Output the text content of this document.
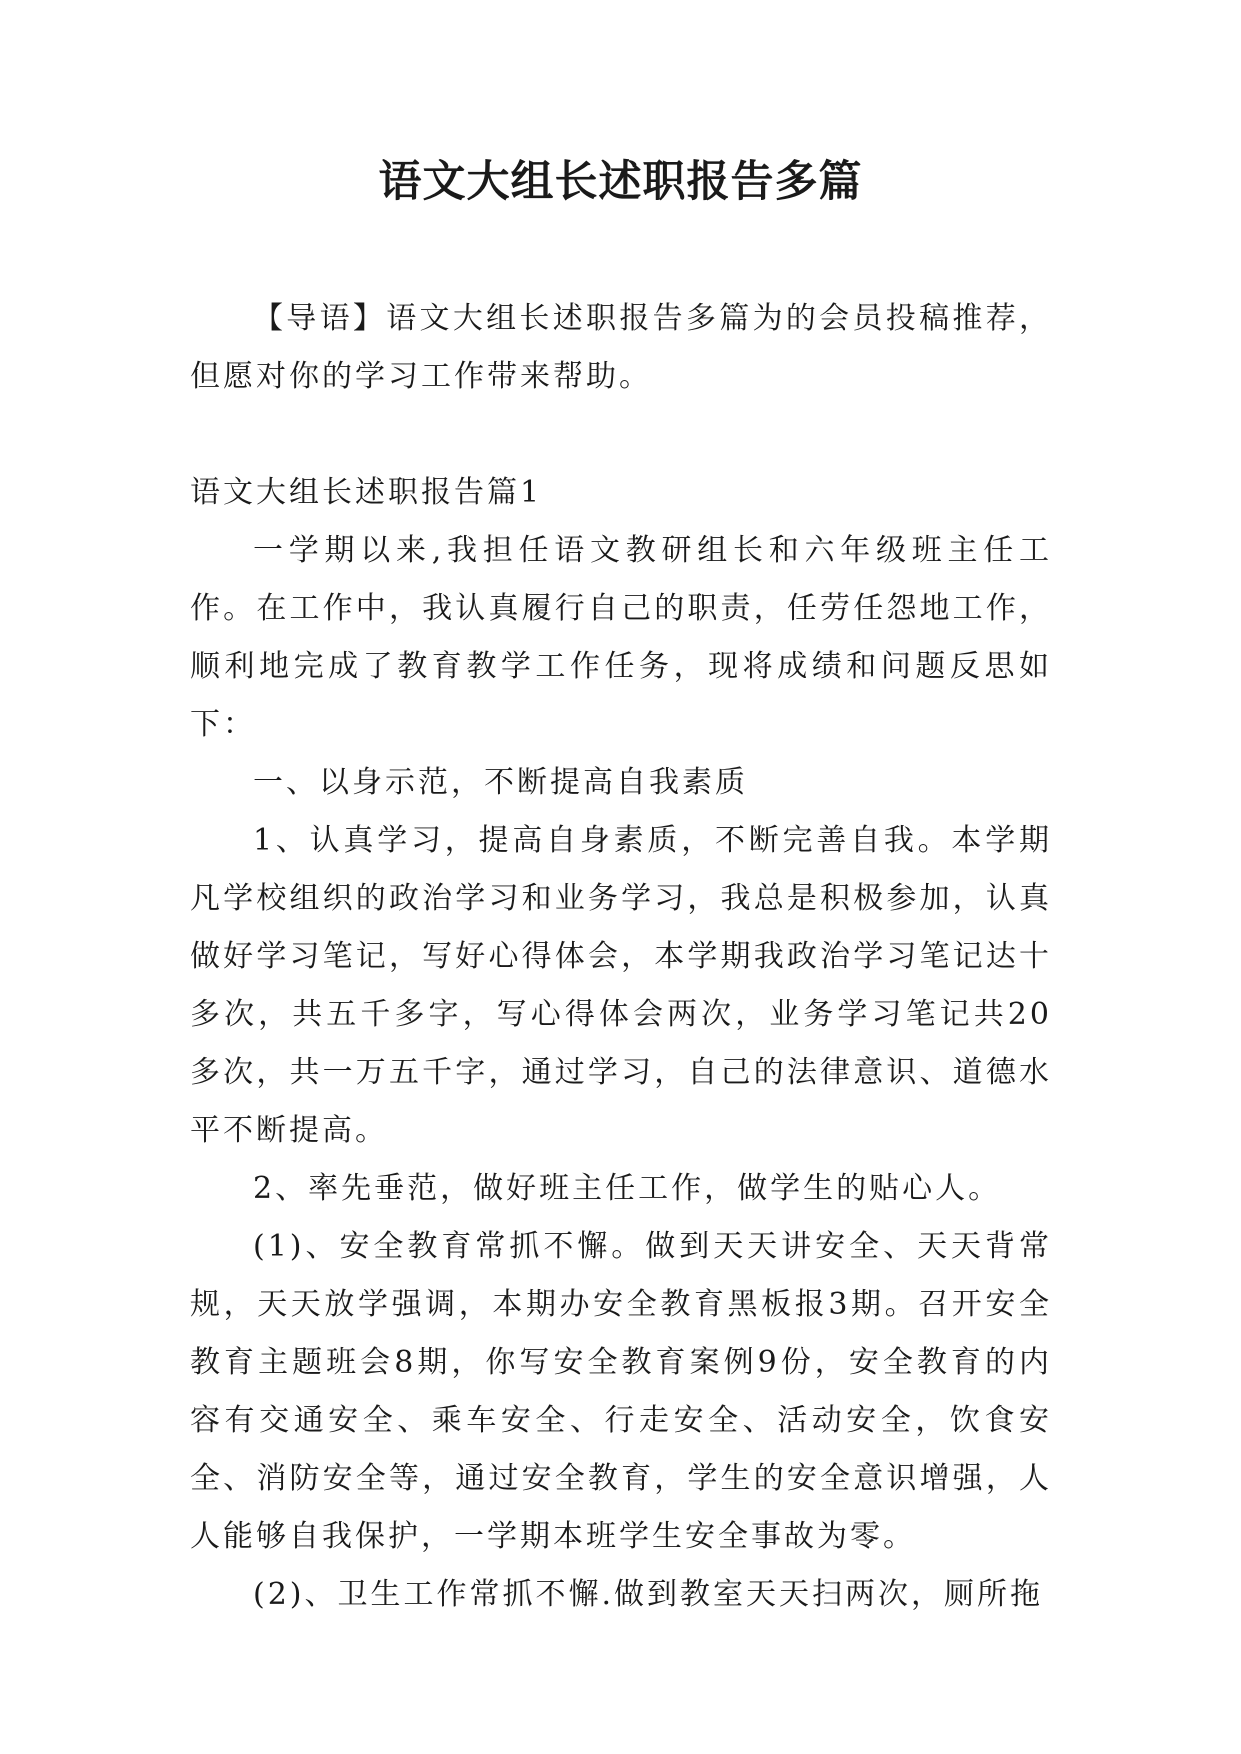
语文大组长述职报告多篇

【导语】语文大组长述职报告多篇为的会员投稿推荐，但愿对你的学习工作带来帮助。

语文大组长述职报告篇1

一学期以来,我担任语文教研组长和六年级班主任工作。在工作中，我认真履行自己的职责，任劳任怨地工作，顺利地完成了教育教学工作任务，现将成绩和问题反思如下：

一、以身示范，不断提高自我素质

1、认真学习，提高自身素质，不断完善自我。本学期凡学校组织的政治学习和业务学习，我总是积极参加，认真做好学习笔记，写好心得体会，本学期我政治学习笔记达十多次，共五千多字，写心得体会两次，业务学习笔记共20多次，共一万五千字，通过学习，自己的法律意识、道德水平不断提高。

2、率先垂范，做好班主任工作，做学生的贴心人。

(1)、安全教育常抓不懈。做到天天讲安全、天天背常规，天天放学强调，本期办安全教育黑板报3期。召开安全教育主题班会8期，你写安全教育案例9份，安全教育的内容有交通安全、乘车安全、行走安全、活动安全，饮食安全、消防安全等，通过安全教育，学生的安全意识增强，人人能够自我保护，一学期本班学生安全事故为零。

(2)、卫生工作常抓不懈.做到教室天天扫两次，厕所拖
